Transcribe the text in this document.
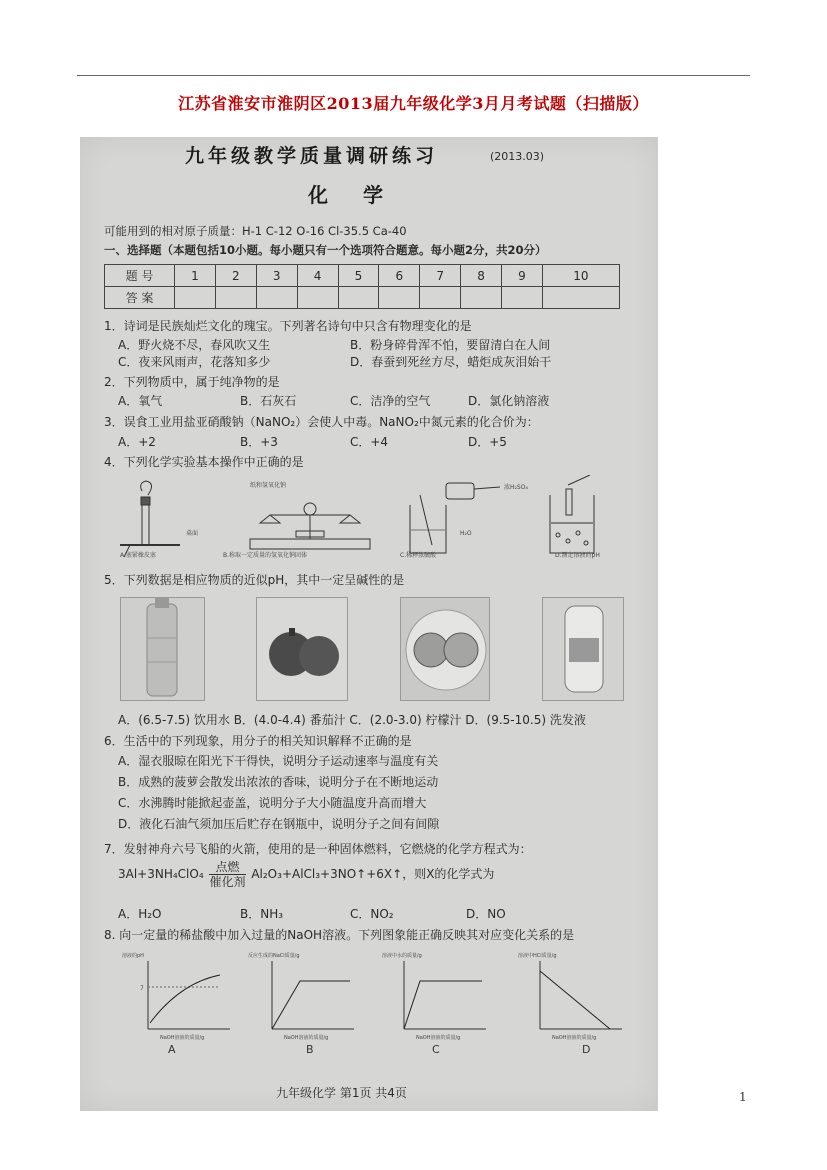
江苏省淮安市淮阴区2013届九年级化学3月月考试题（扫描版）
九年级教学质量调研练习	(2013.03)
化 学
可能用到的相对原子质量：H-1 C-12 O-16 Cl-35.5 Ca-40
一、选择题（本题包括10小题。每小题只有一个选项符合题意。每小题2分，共20分）
题 号	1	2	3	4	5	6	7	8	9	10
答 案										
1．诗词是民族灿烂文化的瑰宝。下列著名诗句中只含有物理变化的是
A．野火烧不尽，春风吹又生	B．粉身碎骨浑不怕，要留清白在人间
C．夜来风雨声，花落知多少	D．春蚕到死丝方尽，蜡炬成灰泪始干
2．下列物质中，属于纯净物的是
A．氧气	B．石灰石	C．洁净的空气	D．氯化钠溶液
3．误食工业用盐亚硝酸钠（NaNO₂）会使人中毒。NaNO₂中氮元素的化合价为：
A．+2	B．+3	C．+4	D．+5
4．下列化学实验基本操作中正确的是
桌面
纸和氢氧化钠	浓H₂SO₄
H₂O
A.塞紧橡皮塞	B.称取一定质量的氢氧化钠固体	C.稀释浓硫酸	D.测定溶液的pH
5．下列数据是相应物质的近似pH，其中一定呈碱性的是
A．(6.5-7.5) 饮用水 B．(4.0-4.4) 番茄汁 C．(2.0-3.0) 柠檬汁 D．(9.5-10.5) 洗发液
6．生活中的下列现象，用分子的相关知识解释不正确的是
A．湿衣服晾在阳光下干得快，说明分子运动速率与温度有关
B．成熟的菠萝会散发出浓浓的香味，说明分子在不断地运动
C．水沸腾时能掀起壶盖，说明分子大小随温度升高而增大
D．液化石油气须加压后贮存在钢瓶中，说明分子之间有间隙
7．发射神舟六号飞船的火箭，使用的是一种固体燃料，它燃烧的化学方程式为：
$3Al+3NH_4ClO_4 \frac{\text{点燃}}{\text{催化剂}}$ Al₂O₃+AlCl₃+3NO↑+6X↑，则X的化学式为
A．H₂O	B．NH₃	C．NO₂	D．NO
8. 向一定量的稀盐酸中加入过量的NaOH溶液。下列图象能正确反映其对应变化关系的是
溶液的pH
7
NaOH溶液的质量/g
反应生成的NaCl质量/g
NaOH溶液的质量/g
溶液中水的质量/g
NaOH溶液的质量/g
溶液中HCl质量/g
NaOH溶液的质量/g
A	B	C	D
九年级化学 第1页 共4页	1
